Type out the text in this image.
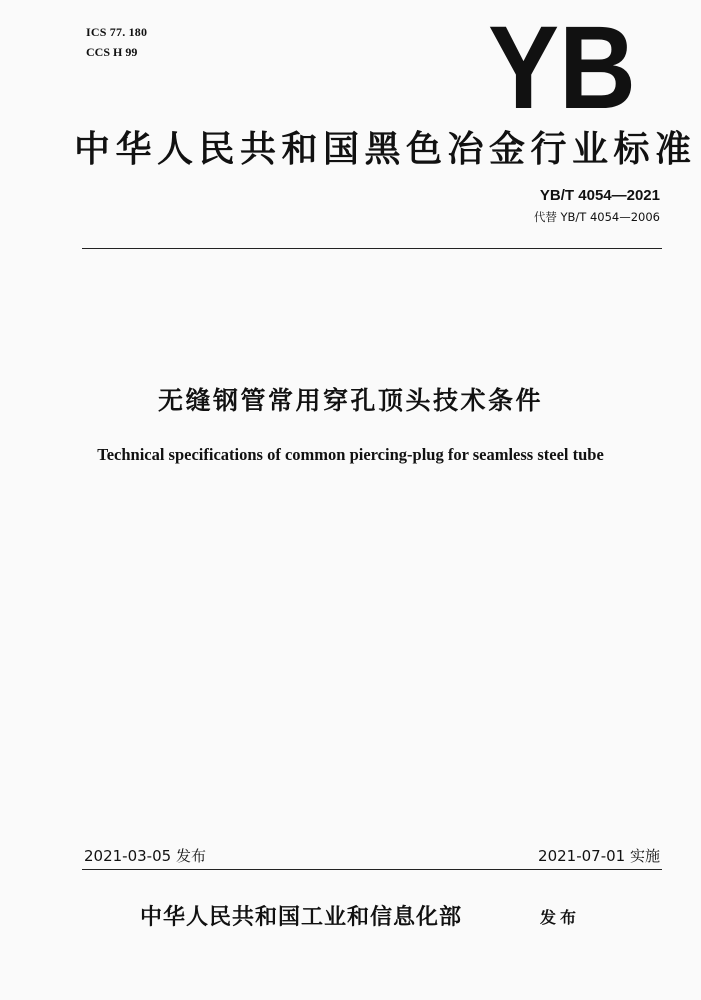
ICS 77. 180
CCS H 99	YB
中华人民共和国黑色冶金行业标准
YB/T 4054—2021
代替 YB/T 4054—2006
无缝钢管常用穿孔顶头技术条件
Technical specifications of common piercing-plug for seamless steel tube
2021-03-05 发布	2021-07-01 实施
中华人民共和国工业和信息化部	发布
